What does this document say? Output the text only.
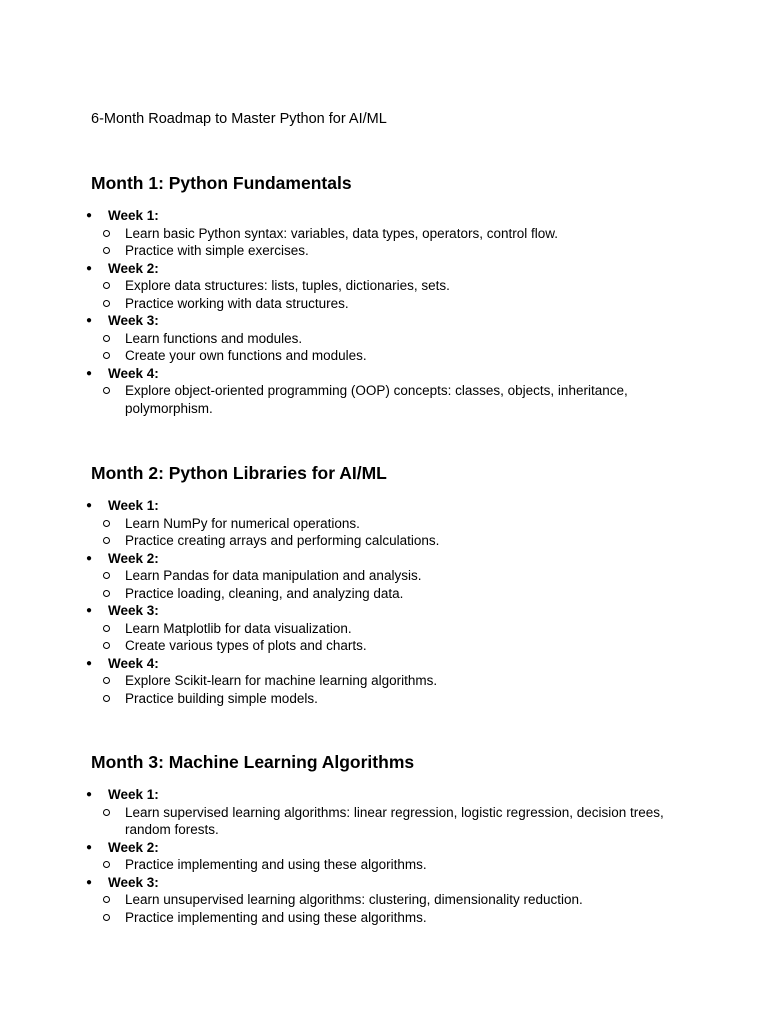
6-Month Roadmap to Master Python for AI/ML
Month 1: Python Fundamentals
● Week 1:
Learn basic Python syntax: variables, data types, operators, control flow.
Practice with simple exercises.
● Week 2:
Explore data structures: lists, tuples, dictionaries, sets.
Practice working with data structures.
● Week 3:
Learn functions and modules.
Create your own functions and modules.
● Week 4:
Explore object-oriented programming (OOP) concepts: classes, objects, inheritance, polymorphism.
Month 2: Python Libraries for AI/ML
● Week 1:
Learn NumPy for numerical operations.
Practice creating arrays and performing calculations.
● Week 2:
Learn Pandas for data manipulation and analysis.
Practice loading, cleaning, and analyzing data.
● Week 3:
Learn Matplotlib for data visualization.
Create various types of plots and charts.
● Week 4:
Explore Scikit-learn for machine learning algorithms.
Practice building simple models.
Month 3: Machine Learning Algorithms
● Week 1:
Learn supervised learning algorithms: linear regression, logistic regression, decision trees, random forests.
● Week 2:
Practice implementing and using these algorithms.
● Week 3:
Learn unsupervised learning algorithms: clustering, dimensionality reduction.
Practice implementing and using these algorithms.
